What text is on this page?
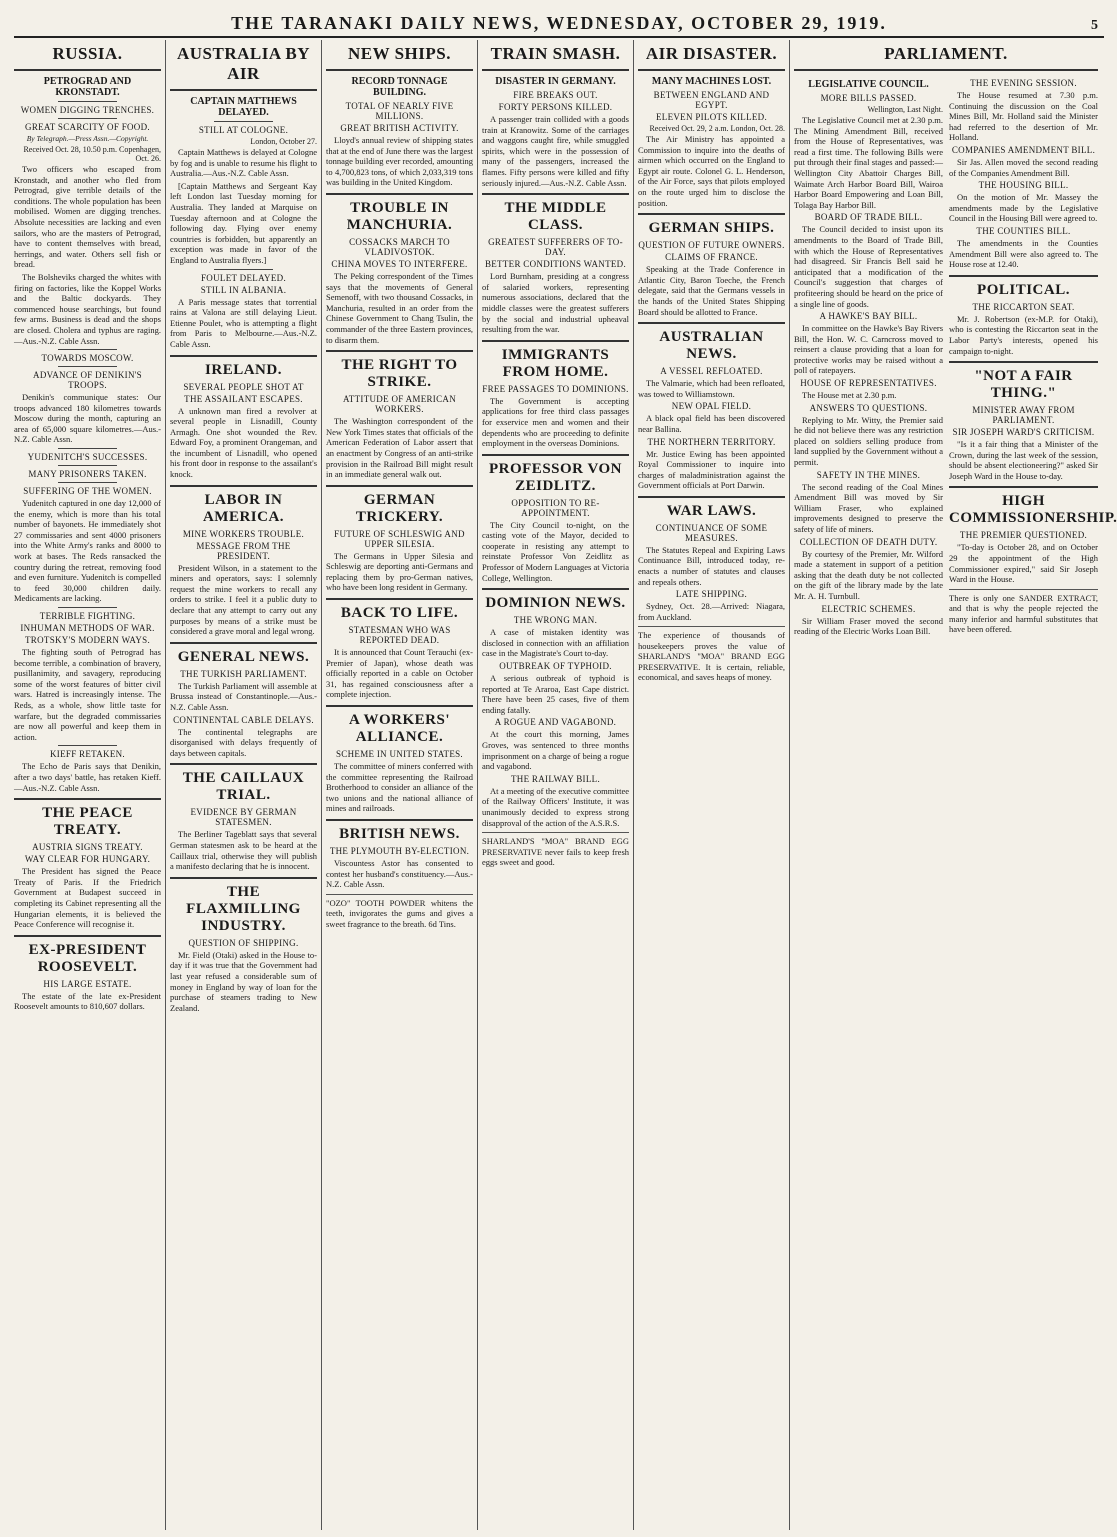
THE TARANAKI DAILY NEWS, WEDNESDAY, OCTOBER 29, 1919.	5
RUSSIA.
PETROGRAD AND KRONSTADT.
WOMEN DIGGING TRENCHES.
GREAT SCARCITY OF FOOD.
By Telegraph.—Press Assn.—Copyright.
Received Oct. 28, 10.50 p.m. Copenhagen, Oct. 26.

Two officers who escaped from Kronstadt, and another who fled from Petrograd, give terrible details of the conditions. The whole population has been mobilised. Women are digging trenches. Absolute necessities are lacking and even sailors, who are the masters of Petrograd, have to content themselves with bread, herrings, and water. Others sell fish or bread.

The Bolsheviks charged the whites with firing on factories, like the Koppel Works and the Baltic dockyards. They commenced house searchings, but found few arms. Business is dead and the shops are closed. Cholera and typhus are raging.—Aus.-N.Z. Cable Assn.

TOWARDS MOSCOW.
ADVANCE OF DENIKIN'S TROOPS.

Denikin's communique states: Our troops advanced 180 kilometres towards Moscow during the month, capturing an area of 65,000 square kilometres.—Aus.-N.Z. Cable Assn.

YUDENITCH'S SUCCESSES.
MANY PRISONERS TAKEN.
SUFFERING OF THE WOMEN.

Yudenitch captured in one day 12,000 of the enemy, which is more than his total number of bayonets. He immediately shot 27 commissaries and sent 4000 prisoners into the White Army's ranks and 8000 to work at bases. The Reds ransacked the country during the retreat, removing food and even furniture. Yudenitch is compelled to feed 30,000 children daily. Medicaments are lacking.

TERRIBLE FIGHTING.
INHUMAN METHODS OF WAR.
TROTSKY'S MODERN WAYS.

The fighting south of Petrograd has become terrible, a combination of bravery, pusillanimity, and savagery, reproducing some of the worst features of bitter civil wars. Hatred is increasingly intense. The Reds, as a whole, show little taste for warfare, but the degraded commissaries are now all powerful and keep them in action.

KIEFF RETAKEN.

The Echo de Paris says that Denikin, after a two days' battle, has retaken Kieff.—Aus.-N.Z. Cable Assn.

THE PEACE TREATY.
AUSTRIA SIGNS TREATY.
WAY CLEAR FOR HUNGARY.

The President has signed the Peace Treaty of Paris. If the Friedrich Government at Budapest succeed in completing its Cabinet representing all the Hungarian elements, it is believed the Peace Conference will recognise it.

EX-PRESIDENT ROOSEVELT.
HIS LARGE ESTATE.

The estate of the late ex-President Roosevelt amounts to 810,607 dollars.

AUSTRALIA BY AIR
CAPTAIN MATTHEWS DELAYED.
STILL AT COLOGNE.
London, October 27.

Captain Matthews is delayed at Cologne by fog and is unable to resume his flight to Australia.—Aus.-N.Z. Cable Assn.

[Captain Matthews and Sergeant Kay left London last Tuesday morning for Australia. They landed at Marquise on Tuesday afternoon and at Cologne the following day. Flying over enemy countries is forbidden, but apparently an exception was made in favor of the England to Australia flyers.]

FOULET DELAYED.
STILL IN ALBANIA.

A Paris message states that torrential rains at Valona are still delaying Lieut. Etienne Poulet, who is attempting a flight from Paris to Melbourne.—Aus.-N.Z. Cable Assn.

IRELAND.
SEVERAL PEOPLE SHOT AT
THE ASSAILANT ESCAPES.

A unknown man fired a revolver at several people in Lisnadill, County Armagh. One shot wounded the Rev. Edward Foy, a prominent Orangeman, and the incumbent of Lisnadill, who opened his front door in response to the assailant's knock.

LABOR IN AMERICA.
MINE WORKERS TROUBLE.
MESSAGE FROM THE PRESIDENT.

President Wilson, in a statement to the miners and operators, says: I solemnly request the mine workers to recall any orders to strike. I feel it a public duty to declare that any attempt to carry out any purposes by means of a strike must be considered a grave moral and legal wrong.

GENERAL NEWS.
THE TURKISH PARLIAMENT.

The Turkish Parliament will assemble at Brussa instead of Constantinople.—Aus.-N.Z. Cable Assn.

CONTINENTAL CABLE DELAYS.

The continental telegraphs are disorganised with delays frequently of days between capitals.

THE CAILLAUX TRIAL.
EVIDENCE BY GERMAN STATESMEN.

The Berliner Tageblatt says that several German statesmen ask to be heard at the Caillaux trial, otherwise they will publish a manifesto declaring that he is innocent.

THE FLAXMILLING INDUSTRY.
QUESTION OF SHIPPING.

Mr. Field (Otaki) asked in the House to-day if it was true that the Government had last year refused a considerable sum of money in England by way of loan for the purchase of steamers trading to New Zealand.

NEW SHIPS.
RECORD TONNAGE BUILDING.
TOTAL OF NEARLY FIVE MILLIONS.
GREAT BRITISH ACTIVITY.

Lloyd's annual review of shipping states that at the end of June there was the largest tonnage building ever recorded, amounting to 4,700,823 tons, of which 2,033,319 tons was building in the United Kingdom.

TROUBLE IN MANCHURIA.
COSSACKS MARCH TO VLADIVOSTOK.
CHINA MOVES TO INTERFERE.

The Peking correspondent of the Times says that the movements of General Semenoff, with two thousand Cossacks, in Manchuria, resulted in an order from the Chinese Government to Chang Tsulin, the commander of the three Eastern provinces, to disarm them.

THE RIGHT TO STRIKE.
ATTITUDE OF AMERICAN WORKERS.

The Washington correspondent of the New York Times states that officials of the American Federation of Labor assert that an enactment by Congress of an anti-strike provision in the Railroad Bill might result in an immediate general walk out.

GERMAN TRICKERY.
FUTURE OF SCHLESWIG AND UPPER SILESIA.

The Germans in Upper Silesia and Schleswig are deporting anti-Germans and replacing them by pro-German natives, who have been long resident in Germany.

BACK TO LIFE.
STATESMAN WHO WAS REPORTED DEAD.

It is announced that Count Terauchi (ex-Premier of Japan), whose death was officially reported in a cable on October 31, has regained consciousness after a complete injection.

A WORKERS' ALLIANCE.
SCHEME IN UNITED STATES.

The committee of miners conferred with the committee representing the Railroad Brotherhood to consider an alliance of the two unions and the national alliance of mines and railroads.

BRITISH NEWS.
THE PLYMOUTH BY-ELECTION.

Viscountess Astor has consented to contest her husband's constituency.—Aus.-N.Z. Cable Assn.

"OZO" TOOTH POWDER whitens the teeth, invigorates the gums and gives a sweet fragrance to the breath. 6d Tins.
TRAIN SMASH.
DISASTER IN GERMANY.
FIRE BREAKS OUT.
FORTY PERSONS KILLED.

A passenger train collided with a goods train at Kranowitz. Some of the carriages and waggons caught fire, while smuggled spirits, which were in the possession of many of the passengers, increased the flames. Fifty persons were killed and fifty seriously injured.—Aus.-N.Z. Cable Assn.

THE MIDDLE CLASS.
GREATEST SUFFERERS OF TO-DAY.
BETTER CONDITIONS WANTED.

Lord Burnham, presiding at a congress of salaried workers, representing numerous associations, declared that the middle classes were the greatest sufferers by the social and industrial upheaval resulting from the war.

IMMIGRANTS FROM HOME.
FREE PASSAGES TO DOMINIONS.

The Government is accepting applications for free third class passages for exservice men and women and their dependents who are proceeding to definite employment in the overseas Dominions.

PROFESSOR VON ZEIDLITZ.
OPPOSITION TO RE-APPOINTMENT.

The City Council to-night, on the casting vote of the Mayor, decided to cooperate in resisting any attempt to reinstate Professor Von Zeidlitz as Professor of Modern Languages at Victoria College, Wellington.

DOMINION NEWS.
THE WRONG MAN.

A case of mistaken identity was disclosed in connection with an affiliation case in the Magistrate's Court to-day.

OUTBREAK OF TYPHOID.

A serious outbreak of typhoid is reported at Te Araroa, East Cape district. There have been 25 cases, five of them ending fatally.

A ROGUE AND VAGABOND.

At the court this morning, James Groves, was sentenced to three months imprisonment on a charge of being a rogue and vagabond.

THE RAILWAY BILL.

At a meeting of the executive committee of the Railway Officers' Institute, it was unanimously decided to express strong disapproval of the action of the A.S.R.S.

SHARLAND'S "MOA" BRAND EGG PRESERVATIVE never fails to keep fresh eggs sweet and good.
AIR DISASTER.
MANY MACHINES LOST.
BETWEEN ENGLAND AND EGYPT.
ELEVEN PILOTS KILLED.
Received Oct. 29, 2 a.m. London, Oct. 28.

The Air Ministry has appointed a Commission to inquire into the deaths of airmen which occurred on the England to Egypt air route. Colonel G. L. Henderson, of the Air Force, says that pilots employed on the route urged him to disclose the position.

GERMAN SHIPS.
QUESTION OF FUTURE OWNERS.
CLAIMS OF FRANCE.

Speaking at the Trade Conference in Atlantic City, Baron Toeche, the French delegate, said that the Germans vessels in the hands of the United States Shipping Board should be allotted to France.

AUSTRALIAN NEWS.
A VESSEL REFLOATED.

The Valmarie, which had been refloated, was towed to Williamstown.

NEW OPAL FIELD.

A black opal field has been discovered near Ballina.

THE NORTHERN TERRITORY.

Mr. Justice Ewing has been appointed Royal Commissioner to inquire into charges of maladministration against the Government officials at Port Darwin.

WAR LAWS.
CONTINUANCE OF SOME MEASURES.

The Statutes Repeal and Expiring Laws Continuance Bill, introduced today, re-enacts a number of statutes and clauses and repeals others.

LATE SHIPPING.

Sydney, Oct. 28.—Arrived: Niagara, from Auckland.

The experience of thousands of housekeepers proves the value of SHARLAND'S "MOA" BRAND EGG PRESERVATIVE. It is certain, reliable, economical, and saves heaps of money.
PARLIAMENT.
LEGISLATIVE COUNCIL.
MORE BILLS PASSED.
Wellington, Last Night.

The Legislative Council met at 2.30 p.m. The Mining Amendment Bill, received from the House of Representatives, was read a first time. The following Bills were put through their final stages and passed:—Wellington City Abattoir Charges Bill, Waimate Arch Harbor Board Bill, Wairoa Harbor Board Empowering and Loan Bill, Tolaga Bay Harbor Bill.

BOARD OF TRADE BILL.

The Council decided to insist upon its amendments to the Board of Trade Bill, with which the House of Representatives had disagreed. Sir Francis Bell said he anticipated that a modification of the Council's suggestion that charges of profiteering should be heard on the price of a single line of goods.

A HAWKE'S BAY BILL.

In committee on the Hawke's Bay Rivers Bill, the Hon. W. C. Carncross moved to reinsert a clause providing that a loan for protective works may be raised without a poll of ratepayers.

HOUSE OF REPRESENTATIVES.

The House met at 2.30 p.m.

ANSWERS TO QUESTIONS.

Replying to Mr. Witty, the Premier said he did not believe there was any restriction placed on soldiers selling produce from land supplied by the Government without a permit.

SAFETY IN THE MINES.

The second reading of the Coal Mines Amendment Bill was moved by Sir William Fraser, who explained improvements designed to preserve the safety of life of miners.

COLLECTION OF DEATH DUTY.

By courtesy of the Premier, Mr. Wilford made a statement in support of a petition asking that the death duty be not collected on the gift of the library made by the late Mr. A. H. Turnbull.

ELECTRIC SCHEMES.

Sir William Fraser moved the second reading of the Electric Works Loan Bill.

THE EVENING SESSION.

The House resumed at 7.30 p.m. Continuing the discussion on the Coal Mines Bill, Mr. Holland said the Minister had referred to the desertion of Mr. Holland.

COMPANIES AMENDMENT BILL.

Sir Jas. Allen moved the second reading of the Companies Amendment Bill.

THE HOUSING BILL.

On the motion of Mr. Massey the amendments made by the Legislative Council in the Housing Bill were agreed to.

THE COUNTIES BILL.

The amendments in the Counties Amendment Bill were also agreed to. The House rose at 12.40.

POLITICAL.
THE RICCARTON SEAT.

Mr. J. Robertson (ex-M.P. for Otaki), who is contesting the Riccarton seat in the Labor Party's interests, opened his campaign to-night.

"NOT A FAIR THING."
MINISTER AWAY FROM PARLIAMENT.
SIR JOSEPH WARD'S CRITICISM.

"Is it a fair thing that a Minister of the Crown, during the last week of the session, should be absent electioneering?" asked Sir Joseph Ward in the House to-day.

HIGH COMMISSIONERSHIP.
THE PREMIER QUESTIONED.

"To-day is October 28, and on October 29 the appointment of the High Commissioner expired," said Sir Joseph Ward in the House.

There is only one SANDER EXTRACT, and that is why the people rejected the many inferior and harmful substitutes that have been offered.
